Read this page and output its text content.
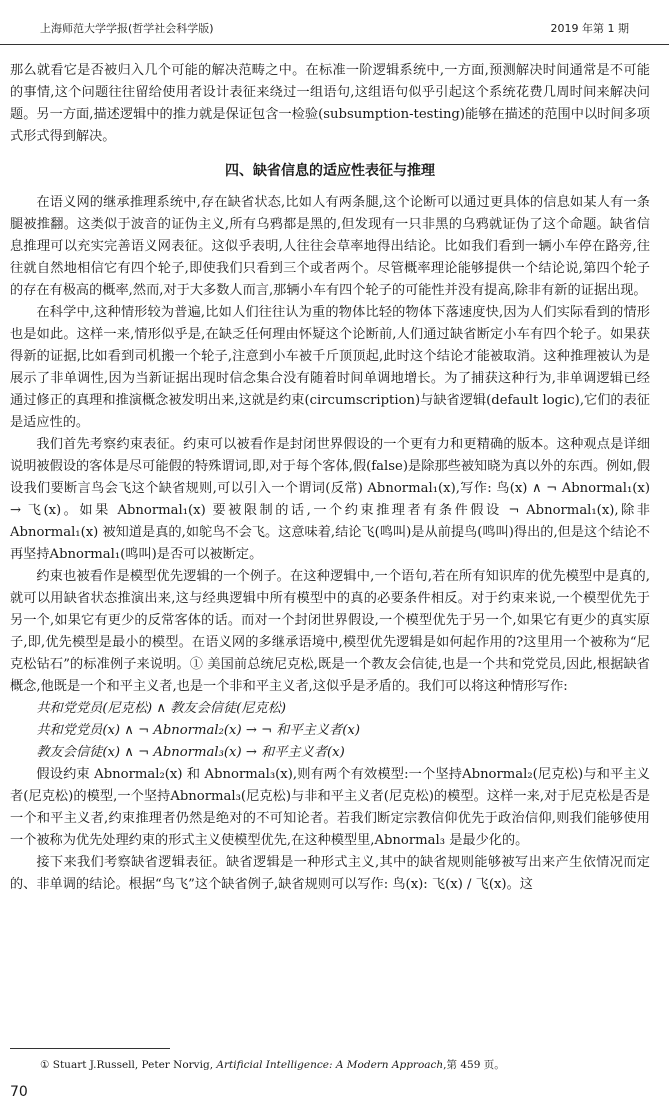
上海师范大学学报(哲学社会科学版)	2019 年第 1 期

那么就看它是否被归入几个可能的解决范畴之中。在标准一阶逻辑系统中,一方面,预测解决时间通常是不可能的事情,这个问题往往留给使用者设计表征来绕过一组语句,这组语句似乎引起这个系统花费几周时间来解决问题。另一方面,描述逻辑中的推力就是保证包含一检验(subsumption-testing)能够在描述的范围中以时间多项式形式得到解决。

四、缺省信息的适应性表征与推理

在语义网的继承推理系统中,存在缺省状态,比如人有两条腿,这个论断可以通过更具体的信息如某人有一条腿被推翻。这类似于波音的证伪主义,所有乌鸦都是黑的,但发现有一只非黑的乌鸦就证伪了这个命题。缺省信息推理可以充实完善语义网表征。这似乎表明,人往往会草率地得出结论。比如我们看到一辆小车停在路旁,往往就自然地相信它有四个轮子,即使我们只看到三个或者两个。尽管概率理论能够提供一个结论说,第四个轮子的存在有极高的概率,然而,对于大多数人而言,那辆小车有四个轮子的可能性并没有提高,除非有新的证据出现。

在科学中,这种情形较为普遍,比如人们往往认为重的物体比轻的物体下落速度快,因为人们实际看到的情形也是如此。这样一来,情形似乎是,在缺乏任何理由怀疑这个论断前,人们通过缺省断定小车有四个轮子。如果获得新的证据,比如看到司机搬一个轮子,注意到小车被千斤顶顶起,此时这个结论才能被取消。这种推理被认为是展示了非单调性,因为当新证据出现时信念集合没有随着时间单调地增长。为了捕获这种行为,非单调逻辑已经通过修正的真理和推演概念被发明出来,这就是约束(circumscription)与缺省逻辑(default logic),它们的表征是适应性的。

我们首先考察约束表征。约束可以被看作是封闭世界假设的一个更有力和更精确的版本。这种观点是详细说明被假设的客体是尽可能假的特殊谓词,即,对于每个客体,假(false)是除那些被知晓为真以外的东西。例如,假设我们要断言鸟会飞这个缺省规则,可以引入一个谓词(反常) Abnormal₁(x),写作: 鸟(x) ∧ ¬ Abnormal₁(x) → 飞(x)。如果 Abnormal₁(x) 要被限制的话,一个约束推理者有条件假设 ¬ Abnormal₁(x),除非 Abnormal₁(x) 被知道是真的,如鸵鸟不会飞。这意味着,结论飞(鸣叫)是从前提鸟(鸣叫)得出的,但是这个结论不再坚持Abnormal₁(鸣叫)是否可以被断定。

约束也被看作是模型优先逻辑的一个例子。在这种逻辑中,一个语句,若在所有知识库的优先模型中是真的,就可以用缺省状态推演出来,这与经典逻辑中所有模型中的真的必要条件相反。对于约束来说,一个模型优先于另一个,如果它有更少的反常客体的话。而对一个封闭世界假设,一个模型优先于另一个,如果它有更少的真实原子,即,优先模型是最小的模型。在语义网的多继承语境中,模型优先逻辑是如何起作用的?这里用一个被称为“尼克松钻石”的标准例子来说明。① 美国前总统尼克松,既是一个教友会信徒,也是一个共和党党员,因此,根据缺省概念,他既是一个和平主义者,也是一个非和平主义者,这似乎是矛盾的。我们可以将这种情形写作:

共和党党员(尼克松) ∧ 教友会信徒(尼克松)

共和党党员(x) ∧ ¬ Abnormal₂(x) → ¬ 和平主义者(x)

教友会信徒(x) ∧ ¬ Abnormal₃(x) → 和平主义者(x)

假设约束 Abnormal₂(x) 和 Abnormal₃(x),则有两个有效模型:一个坚持Abnormal₂(尼克松)与和平主义者(尼克松)的模型,一个坚持Abnormal₃(尼克松)与非和平主义者(尼克松)的模型。这样一来,对于尼克松是否是一个和平主义者,约束推理者仍然是绝对的不可知论者。若我们断定宗教信仰优先于政治信仰,则我们能够使用一个被称为优先处理约束的形式主义使模型优先,在这种模型里,Abnormal₃ 是最少化的。

接下来我们考察缺省逻辑表征。缺省逻辑是一种形式主义,其中的缺省规则能够被写出来产生依情况而定的、非单调的结论。根据“鸟飞”这个缺省例子,缺省规则可以写作: 鸟(x): 飞(x) / 飞(x)。这

① Stuart J.Russell, Peter Norvig, Artificial Intelligence: A Modern Approach,第 459 页。
70
